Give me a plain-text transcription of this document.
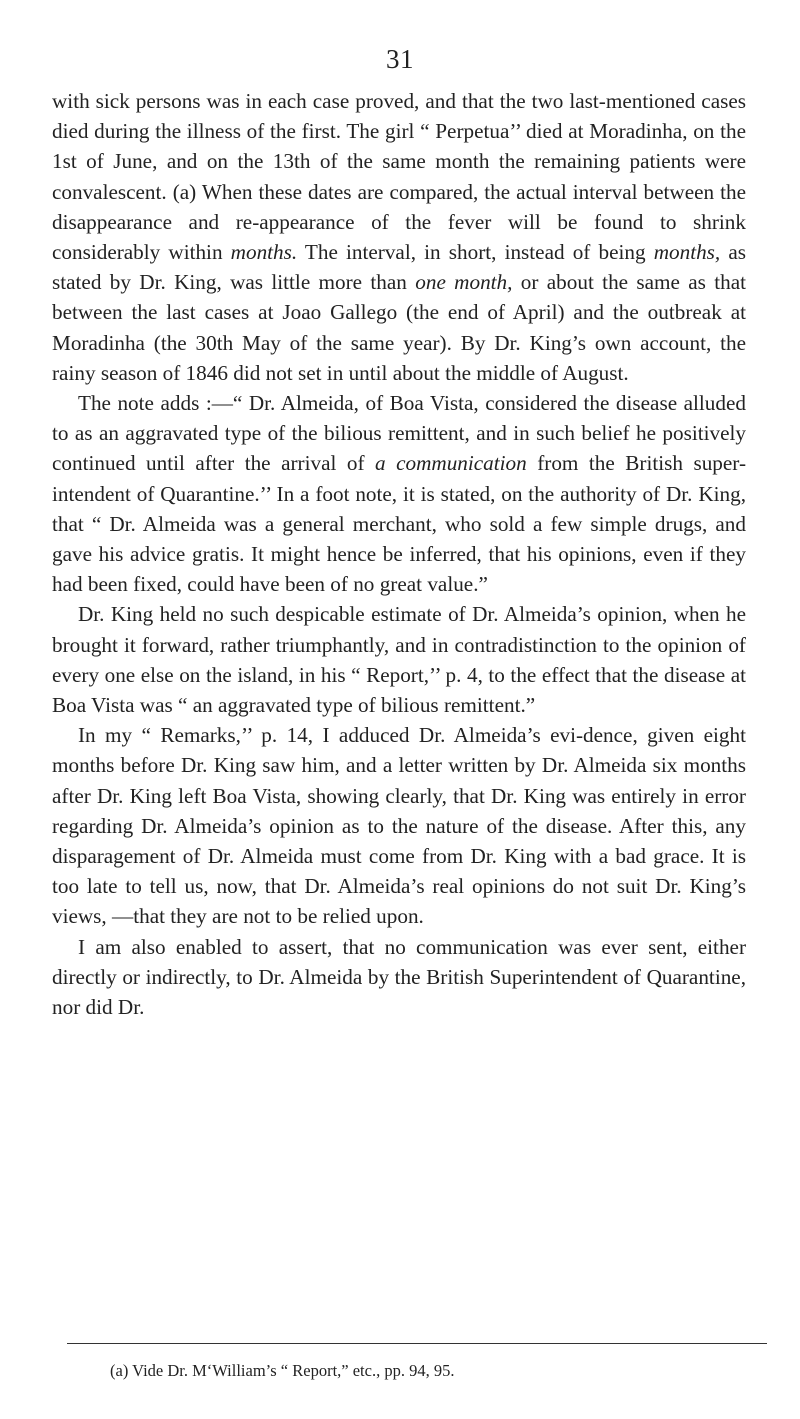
31

with sick persons was in each case proved, and that the two last-mentioned cases died during the illness of the first. The girl “ Perpetua’’ died at Moradinha, on the 1st of June, and on the 13th of the same month the remaining patients were convalescent. (a) When these dates are compared, the actual interval between the disappearance and re-appearance of the fever will be found to shrink considerably within months. The interval, in short, instead of being months, as stated by Dr. King, was little more than one month, or about the same as that between the last cases at Joao Gallego (the end of April) and the outbreak at Moradinha (the 30th May of the same year). By Dr. King’s own account, the rainy season of 1846 did not set in until about the middle of August.

The note adds :—“ Dr. Almeida, of Boa Vista, considered the disease alluded to as an aggravated type of the bilious remittent, and in such belief he positively continued until after the arrival of a communication from the British super-intendent of Quarantine.’’ In a foot note, it is stated, on the authority of Dr. King, that “ Dr. Almeida was a general merchant, who sold a few simple drugs, and gave his advice gratis. It might hence be inferred, that his opinions, even if they had been fixed, could have been of no great value.”

Dr. King held no such despicable estimate of Dr. Almeida’s opinion, when he brought it forward, rather triumphantly, and in contradistinction to the opinion of every one else on the island, in his “ Report,’’ p. 4, to the effect that the disease at Boa Vista was “ an aggravated type of bilious remittent.”

In my “ Remarks,’’ p. 14, I adduced Dr. Almeida’s evi-dence, given eight months before Dr. King saw him, and a letter written by Dr. Almeida six months after Dr. King left Boa Vista, showing clearly, that Dr. King was entirely in error regarding Dr. Almeida’s opinion as to the nature of the disease. After this, any disparagement of Dr. Almeida must come from Dr. King with a bad grace. It is too late to tell us, now, that Dr. Almeida’s real opinions do not suit Dr. King’s views, —that they are not to be relied upon.

I am also enabled to assert, that no communication was ever sent, either directly or indirectly, to Dr. Almeida by the British Superintendent of Quarantine, nor did Dr.

(a) Vide Dr. M‘William’s “ Report,” etc., pp. 94, 95.
